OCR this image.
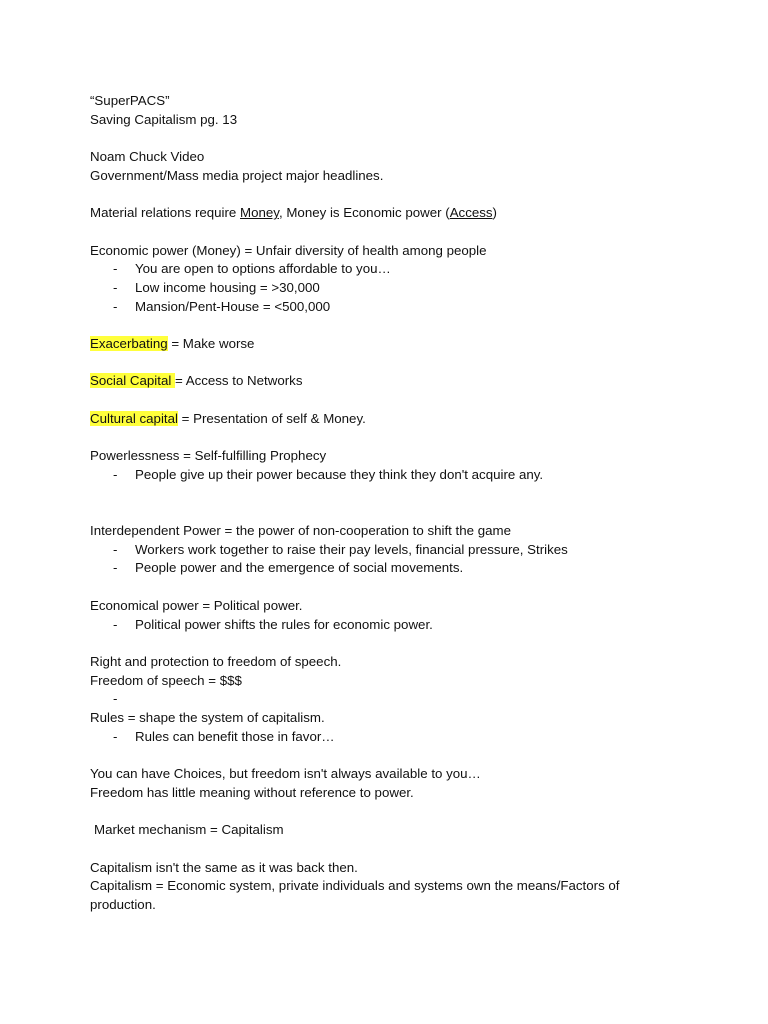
“SuperPACS”
Saving Capitalism pg. 13
Noam Chuck Video
Government/Mass media project major headlines.
Material relations require Money, Money is Economic power (Access)
Economic power (Money) = Unfair diversity of health among people
- You are open to options affordable to you…
- Low income housing = >30,000
- Mansion/Pent-House = <500,000
Exacerbating = Make worse
Social Capital = Access to Networks
Cultural capital = Presentation of self & Money.
Powerlessness = Self-fulfilling Prophecy
- People give up their power because they think they don't acquire any.
Interdependent Power = the power of non-cooperation to shift the game
- Workers work together to raise their pay levels, financial pressure, Strikes
- People power and the emergence of social movements.
Economical power = Political power.
- Political power shifts the rules for economic power.
Right and protection to freedom of speech.
Freedom of speech = $$$
-
Rules = shape the system of capitalism.
- Rules can benefit those in favor…
You can have Choices, but freedom isn't always available to you…
Freedom has little meaning without reference to power.
Market mechanism = Capitalism
Capitalism isn't the same as it was back then.
Capitalism = Economic system, private individuals and systems own the means/Factors of production.
